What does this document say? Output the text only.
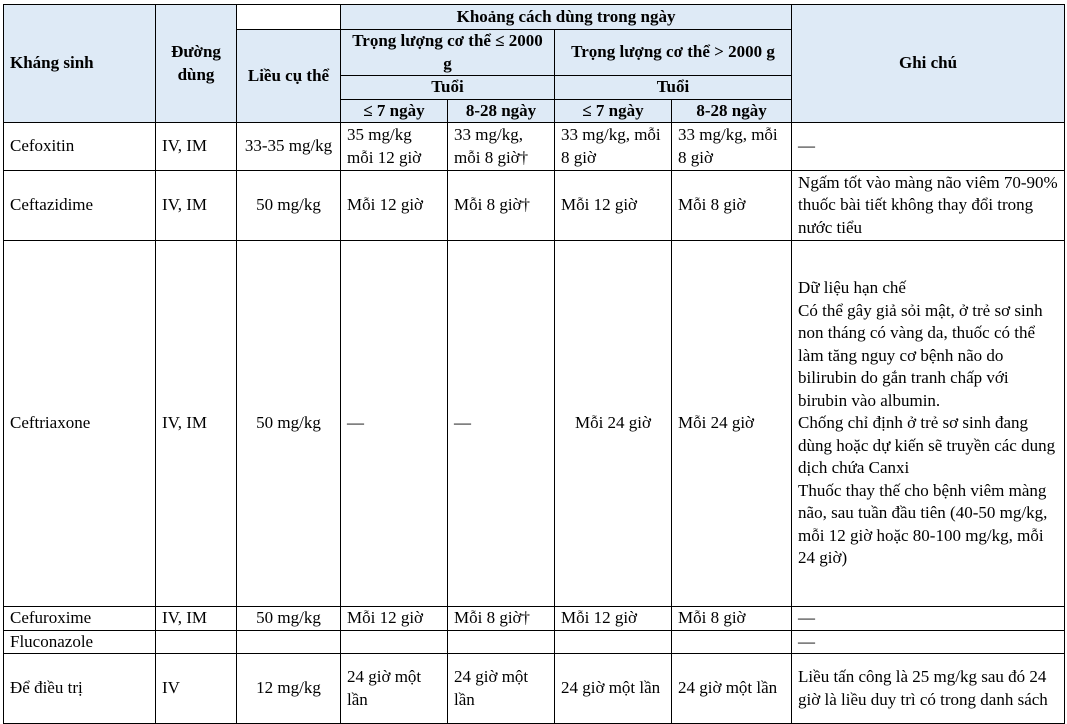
Kháng sinh	Đường dùng		Khoảng cách dùng trong ngày				Ghi chú
		Liều cụ thể	Trọng lượng cơ thể ≤ 2000 g		Trọng lượng cơ thể > 2000 g		
			Tuổi		Tuổi		
			≤ 7 ngày	8-28 ngày	≤ 7 ngày	8-28 ngày	
Cefoxitin	IV, IM	33-35 mg/kg	35 mg/kg mỗi 12 giờ	33 mg/kg, mỗi 8 giờ†	33 mg/kg, mỗi 8 giờ	33 mg/kg, mỗi 8 giờ	—
Ceftazidime	IV, IM	50 mg/kg	Mỗi 12 giờ	Mỗi 8 giờ†	Mỗi 12 giờ	Mỗi 8 giờ	Ngấm tốt vào màng não viêm 70-90% thuốc bài tiết không thay đổi trong nước tiểu
Ceftriaxone	IV, IM	50 mg/kg	—	—	Mỗi 24 giờ	Mỗi 24 giờ	Dữ liệu hạn chế
Có thể gây giả sỏi mật, ở trẻ sơ sinh non tháng có vàng da, thuốc có thể làm tăng nguy cơ bệnh não do bilirubin do gắn tranh chấp với birubin vào albumin.
Chống chỉ định ở trẻ sơ sinh đang dùng hoặc dự kiến sẽ truyền các dung dịch chứa Canxi
Thuốc thay thế cho bệnh viêm màng não, sau tuần đầu tiên (40-50 mg/kg, mỗi 12 giờ hoặc 80-100 mg/kg, mỗi 24 giờ)
Cefuroxime	IV, IM	50 mg/kg	Mỗi 12 giờ	Mỗi 8 giờ†	Mỗi 12 giờ	Mỗi 8 giờ	—
Fluconazole							—
Để điều trị	IV	12 mg/kg	24 giờ một lần	24 giờ một lần	24 giờ một lần	24 giờ một lần	Liều tấn công là 25 mg/kg sau đó 24 giờ là liều duy trì có trong danh sách
